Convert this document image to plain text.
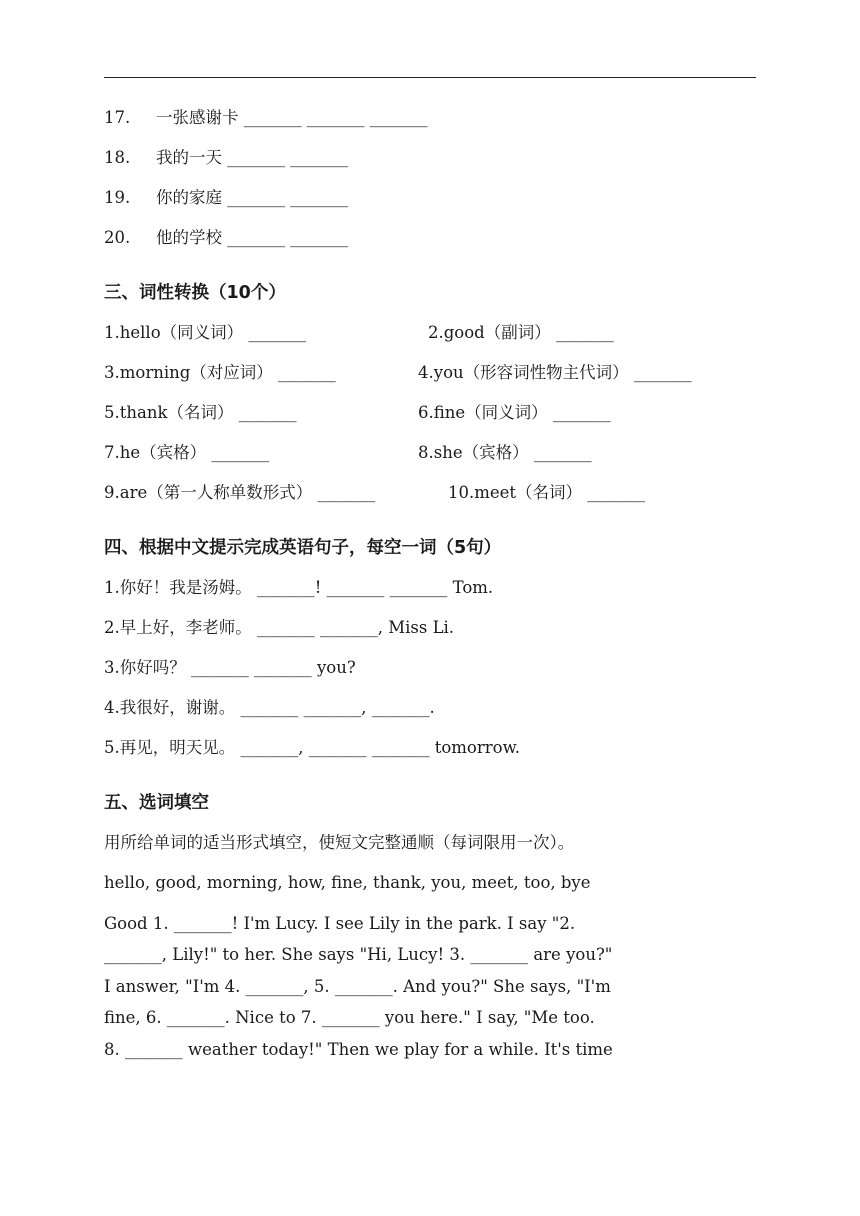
17. 一张感谢卡 _______ _______ _______
18. 我的一天 _______ _______
19. 你的家庭 _______ _______
20. 他的学校 _______ _______
三、词性转换（10个）
1.hello（同义词） _______	2.good（副词） _______
3.morning（对应词） _______	4.you（形容词性物主代词） _______
5.thank（名词） _______	6.fine（同义词） _______
7.he（宾格） _______	8.she（宾格） _______
9.are（第一人称单数形式） _______	10.meet（名词） _______
四、根据中文提示完成英语句子，每空一词（5句）
1.你好！我是汤姆。 _______! _______ _______ Tom.
2.早上好，李老师。 _______ _______, Miss Li.
3.你好吗？ _______ _______ you?
4.我很好，谢谢。 _______ _______, _______.
5.再见，明天见。 _______, _______ _______ tomorrow.
五、选词填空
用所给单词的适当形式填空，使短文完整通顺（每词限用一次）。
hello, good, morning, how, fine, thank, you, meet, too, bye
Good 1. _______! I'm Lucy. I see Lily in the park. I say "2.
_______, Lily!" to her. She says "Hi, Lucy! 3. _______ are you?"
I answer, "I'm 4. _______, 5. _______. And you?" She says, "I'm
fine, 6. _______. Nice to 7. _______ you here." I say, "Me too.
8. _______ weather today!" Then we play for a while. It's time
